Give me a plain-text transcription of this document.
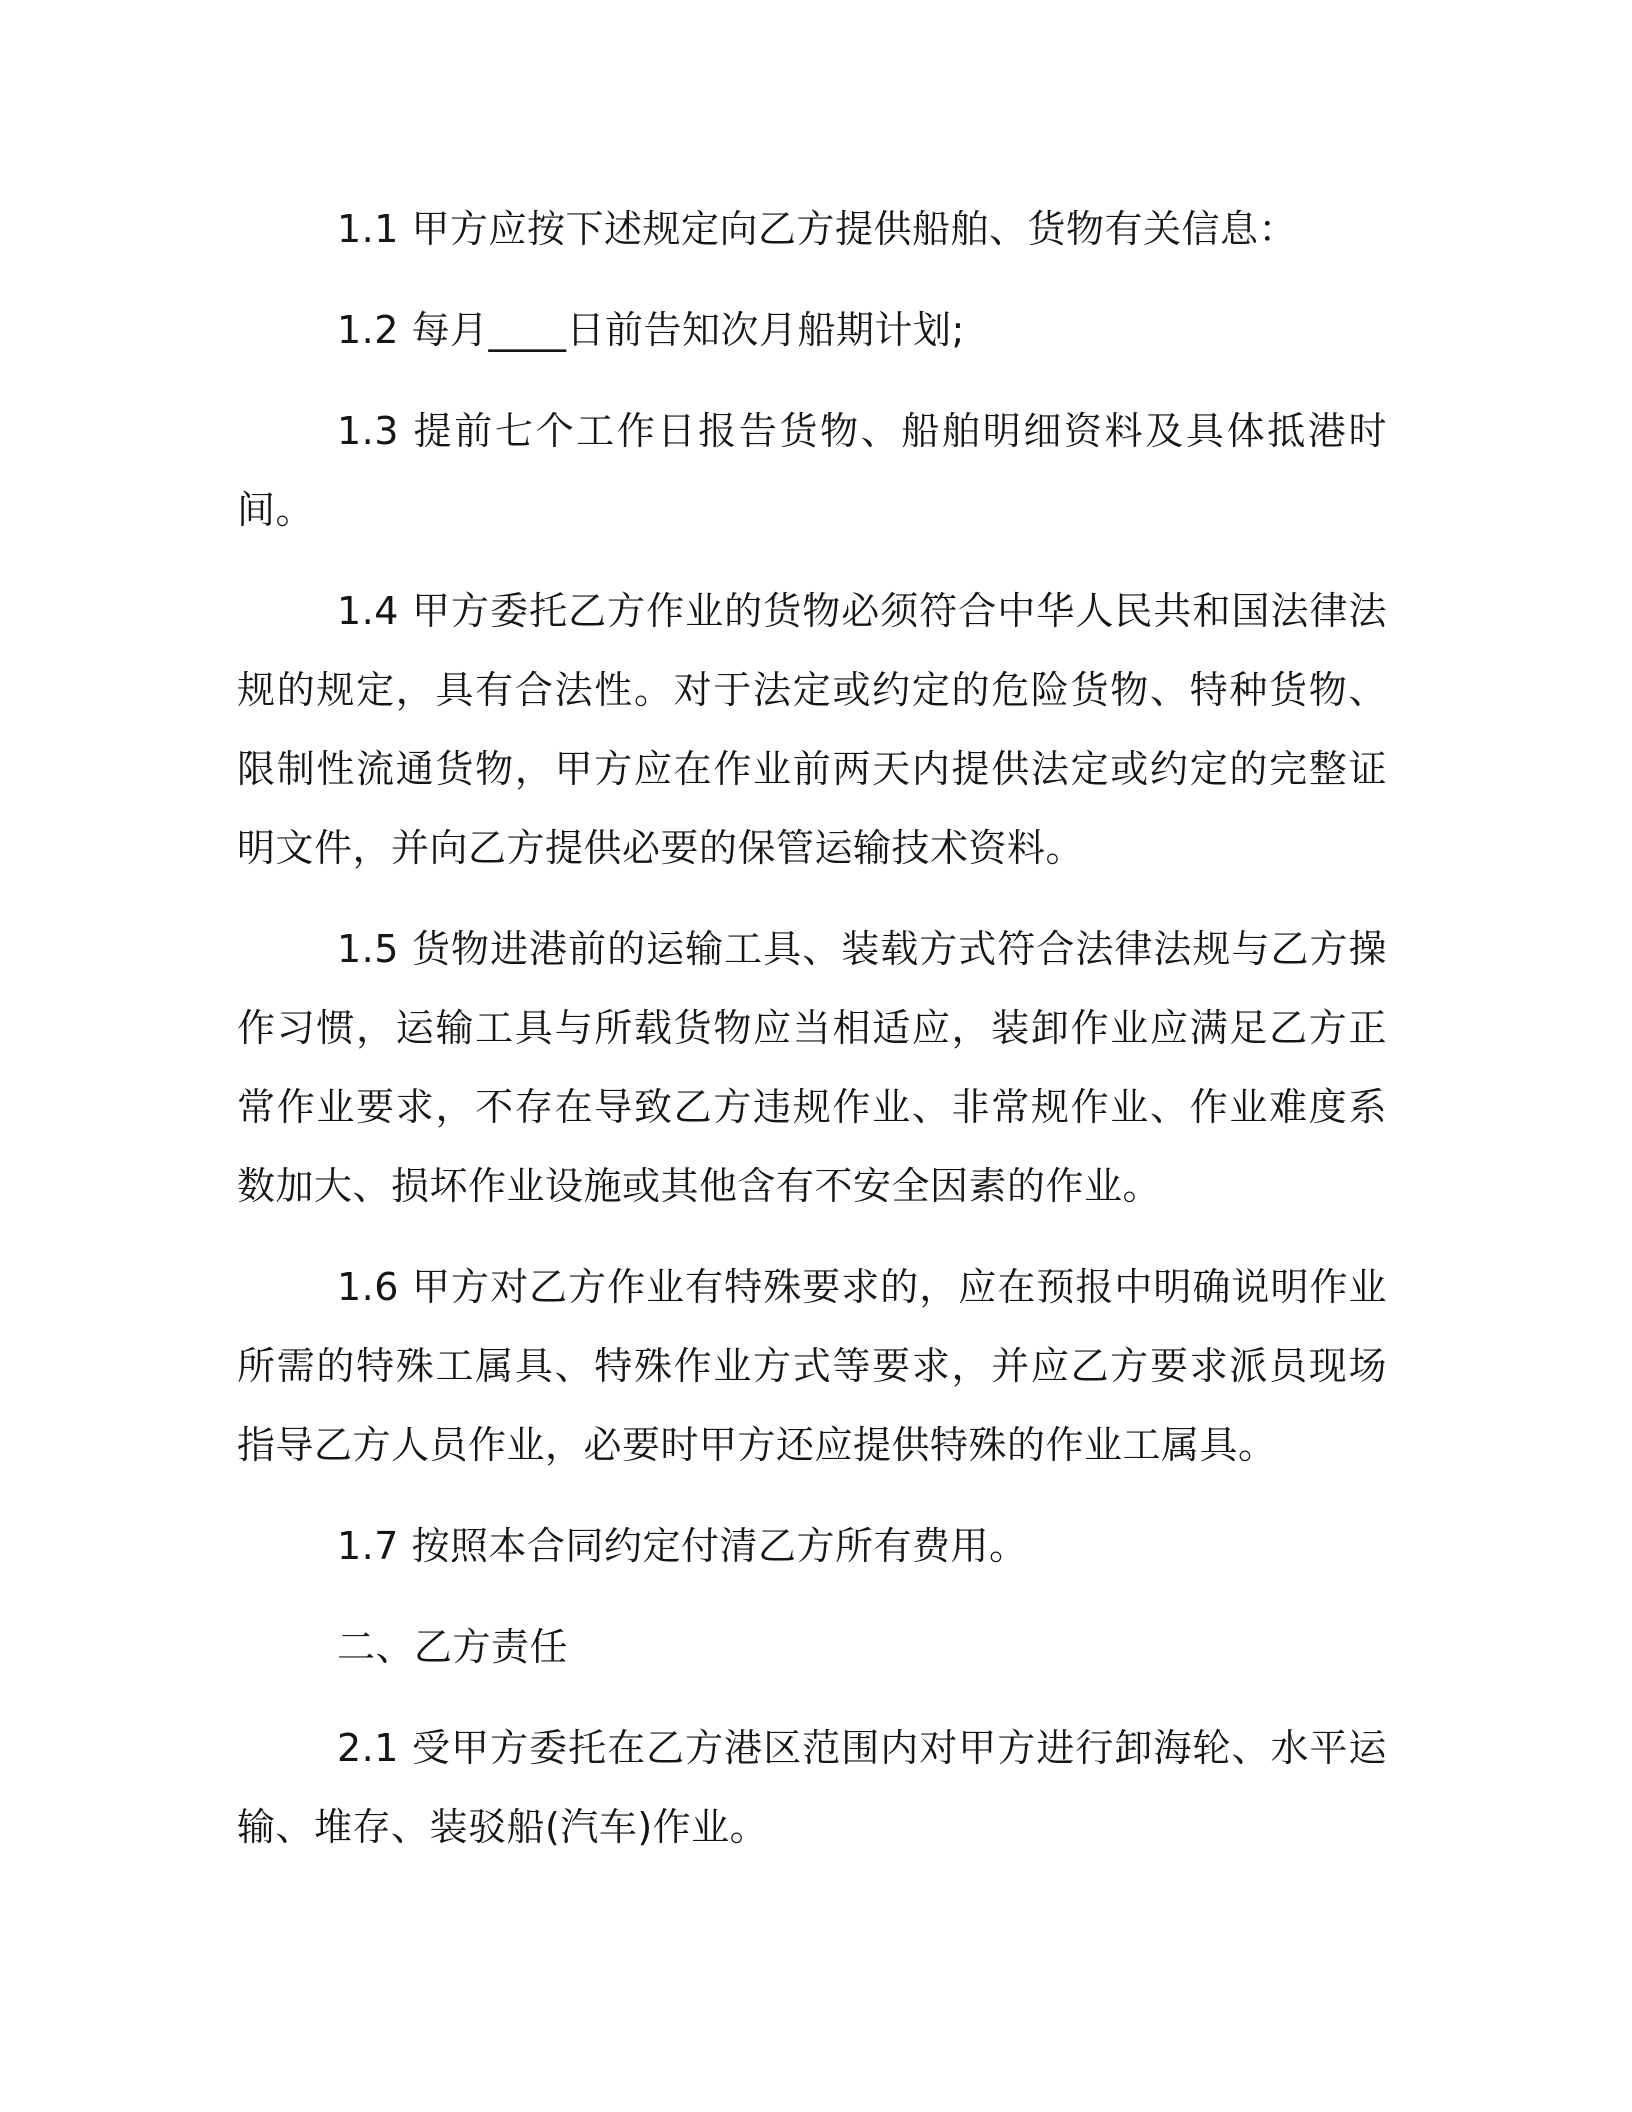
1.1 甲方应按下述规定向乙方提供船舶、货物有关信息：

1.2 每月____日前告知次月船期计划;

1.3 提前七个工作日报告货物、船舶明细资料及具体抵港时间。

1.4 甲方委托乙方作业的货物必须符合中华人民共和国法律法规的规定，具有合法性。对于法定或约定的危险货物、特种货物、限制性流通货物，甲方应在作业前两天内提供法定或约定的完整证明文件，并向乙方提供必要的保管运输技术资料。

1.5 货物进港前的运输工具、装载方式符合法律法规与乙方操作习惯，运输工具与所载货物应当相适应，装卸作业应满足乙方正常作业要求，不存在导致乙方违规作业、非常规作业、作业难度系数加大、损坏作业设施或其他含有不安全因素的作业。

1.6 甲方对乙方作业有特殊要求的，应在预报中明确说明作业所需的特殊工属具、特殊作业方式等要求，并应乙方要求派员现场指导乙方人员作业，必要时甲方还应提供特殊的作业工属具。

1.7 按照本合同约定付清乙方所有费用。

二、乙方责任

2.1 受甲方委托在乙方港区范围内对甲方进行卸海轮、水平运输、堆存、装驳船(汽车)作业。
